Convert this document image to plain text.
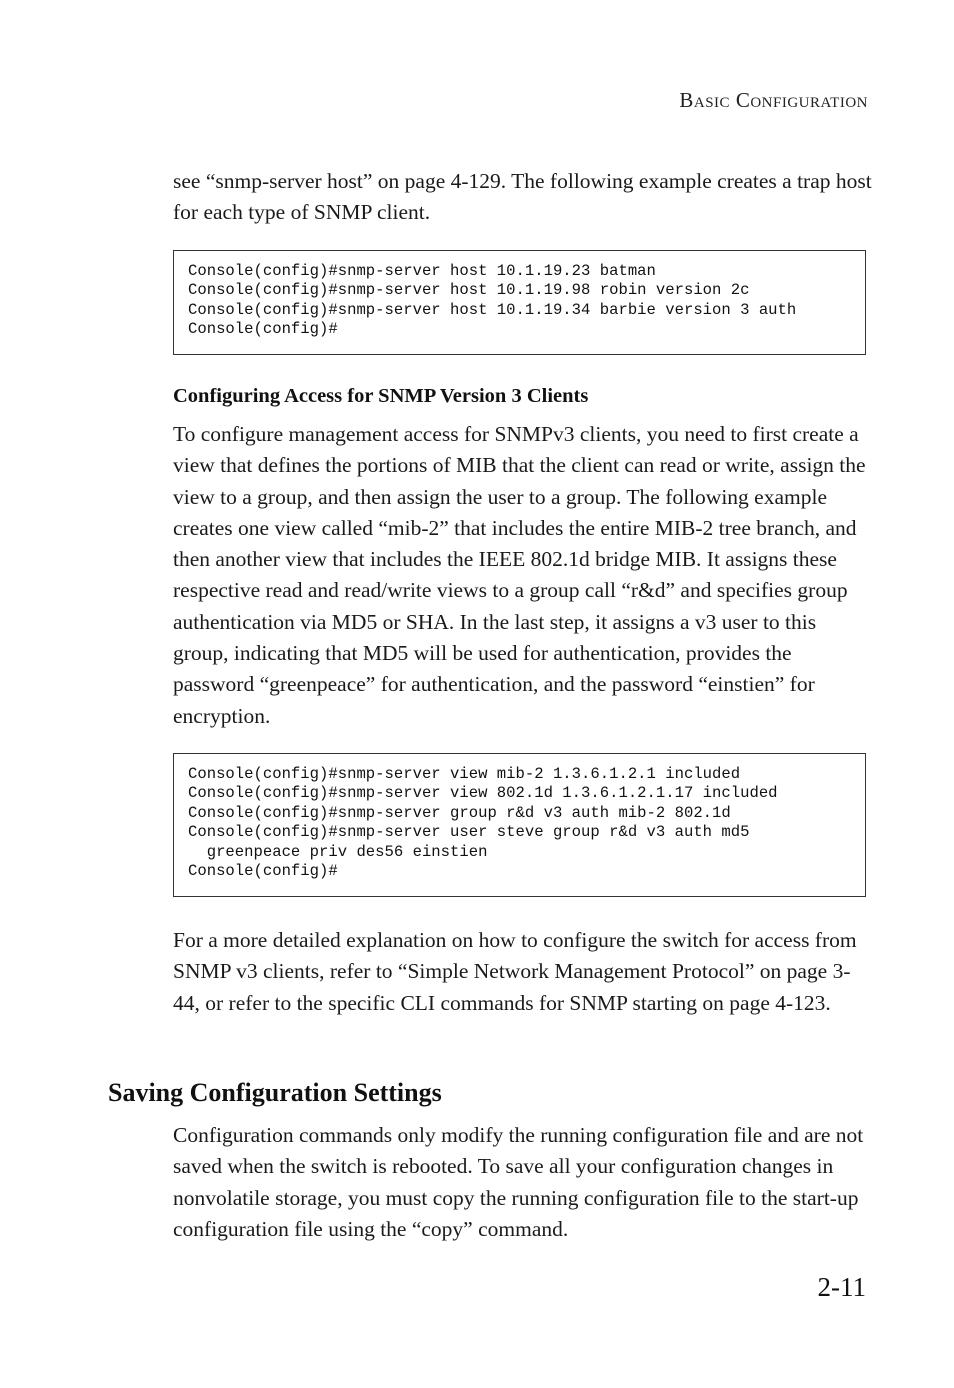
BASIC CONFIGURATION

see “snmp-server host” on page 4-129. The following example creates a trap host for each type of SNMP client.

Console(config)#snmp-server host 10.1.19.23 batman
Console(config)#snmp-server host 10.1.19.98 robin version 2c
Console(config)#snmp-server host 10.1.19.34 barbie version 3 auth
Console(config)#
Configuring Access for SNMP Version 3 Clients

To configure management access for SNMPv3 clients, you need to first create a view that defines the portions of MIB that the client can read or write, assign the view to a group, and then assign the user to a group. The following example creates one view called “mib-2” that includes the entire MIB-2 tree branch, and then another view that includes the IEEE 802.1d bridge MIB. It assigns these respective read and read/write views to a group call “r&d” and specifies group authentication via MD5 or SHA. In the last step, it assigns a v3 user to this group, indicating that MD5 will be used for authentication, provides the password “greenpeace” for authentication, and the password “einstien” for encryption.

Console(config)#snmp-server view mib-2 1.3.6.1.2.1 included
Console(config)#snmp-server view 802.1d 1.3.6.1.2.1.17 included
Console(config)#snmp-server group r&d v3 auth mib-2 802.1d
Console(config)#snmp-server user steve group r&d v3 auth md5
greenpeace priv des56 einstien
Console(config)#

For a more detailed explanation on how to configure the switch for access from SNMP v3 clients, refer to “Simple Network Management Protocol” on page 3-44, or refer to the specific CLI commands for SNMP starting on page 4-123.

Saving Configuration Settings

Configuration commands only modify the running configuration file and are not saved when the switch is rebooted. To save all your configuration changes in nonvolatile storage, you must copy the running configuration file to the start-up configuration file using the “copy” command.

2-11
